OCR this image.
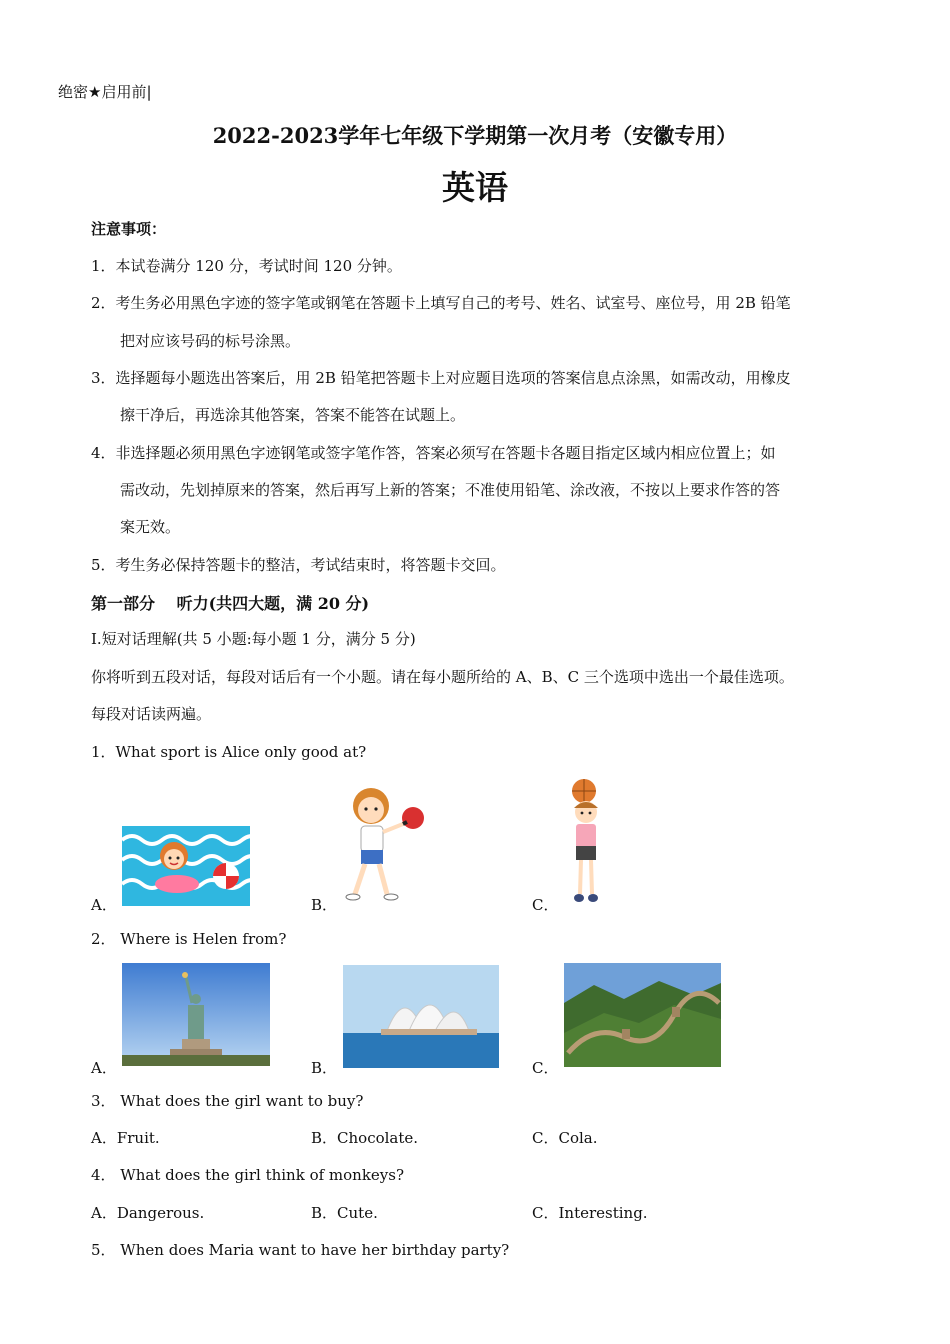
绝密★启用前|
2022-2023学年七年级下学期第一次月考（安徽专用）
英语
注意事项：
1．本试卷满分 120 分，考试时间 120 分钟。
2．考生务必用黑色字迹的签字笔或钢笔在答题卡上填写自己的考号、姓名、试室号、座位号，用 2B 铅笔
把对应该号码的标号涂黑。
3．选择题每小题选出答案后，用 2B 铅笔把答题卡上对应题目选项的答案信息点涂黑，如需改动，用橡皮
擦干净后，再选涂其他答案，答案不能答在试题上。
4．非选择题必须用黑色字迹钢笔或签字笔作答，答案必须写在答题卡各题目指定区域内相应位置上；如
需改动，先划掉原来的答案，然后再写上新的答案；不准使用铅笔、涂改液，不按以上要求作答的答
案无效。
5．考生务必保持答题卡的整洁，考试结束时，将答题卡交回。
第一部分　 听力(共四大题，满 20 分)
Ⅰ.短对话理解(共 5 小题:每小题 1 分，满分 5 分)
你将听到五段对话，每段对话后有一个小题。请在每小题所给的 A、B、C 三个选项中选出一个最佳选项。
每段对话读两遍。
1．What sport is Alice only good at?
A．	B．	C．
2． Where is Helen from?
A．	B．	C．
3． What does the girl want to buy?
A．Fruit.	B．Chocolate.	C．Cola.
4． What does the girl think of monkeys?
A．Dangerous.	B．Cute.	C．Interesting.
5． When does Maria want to have her birthday party?
